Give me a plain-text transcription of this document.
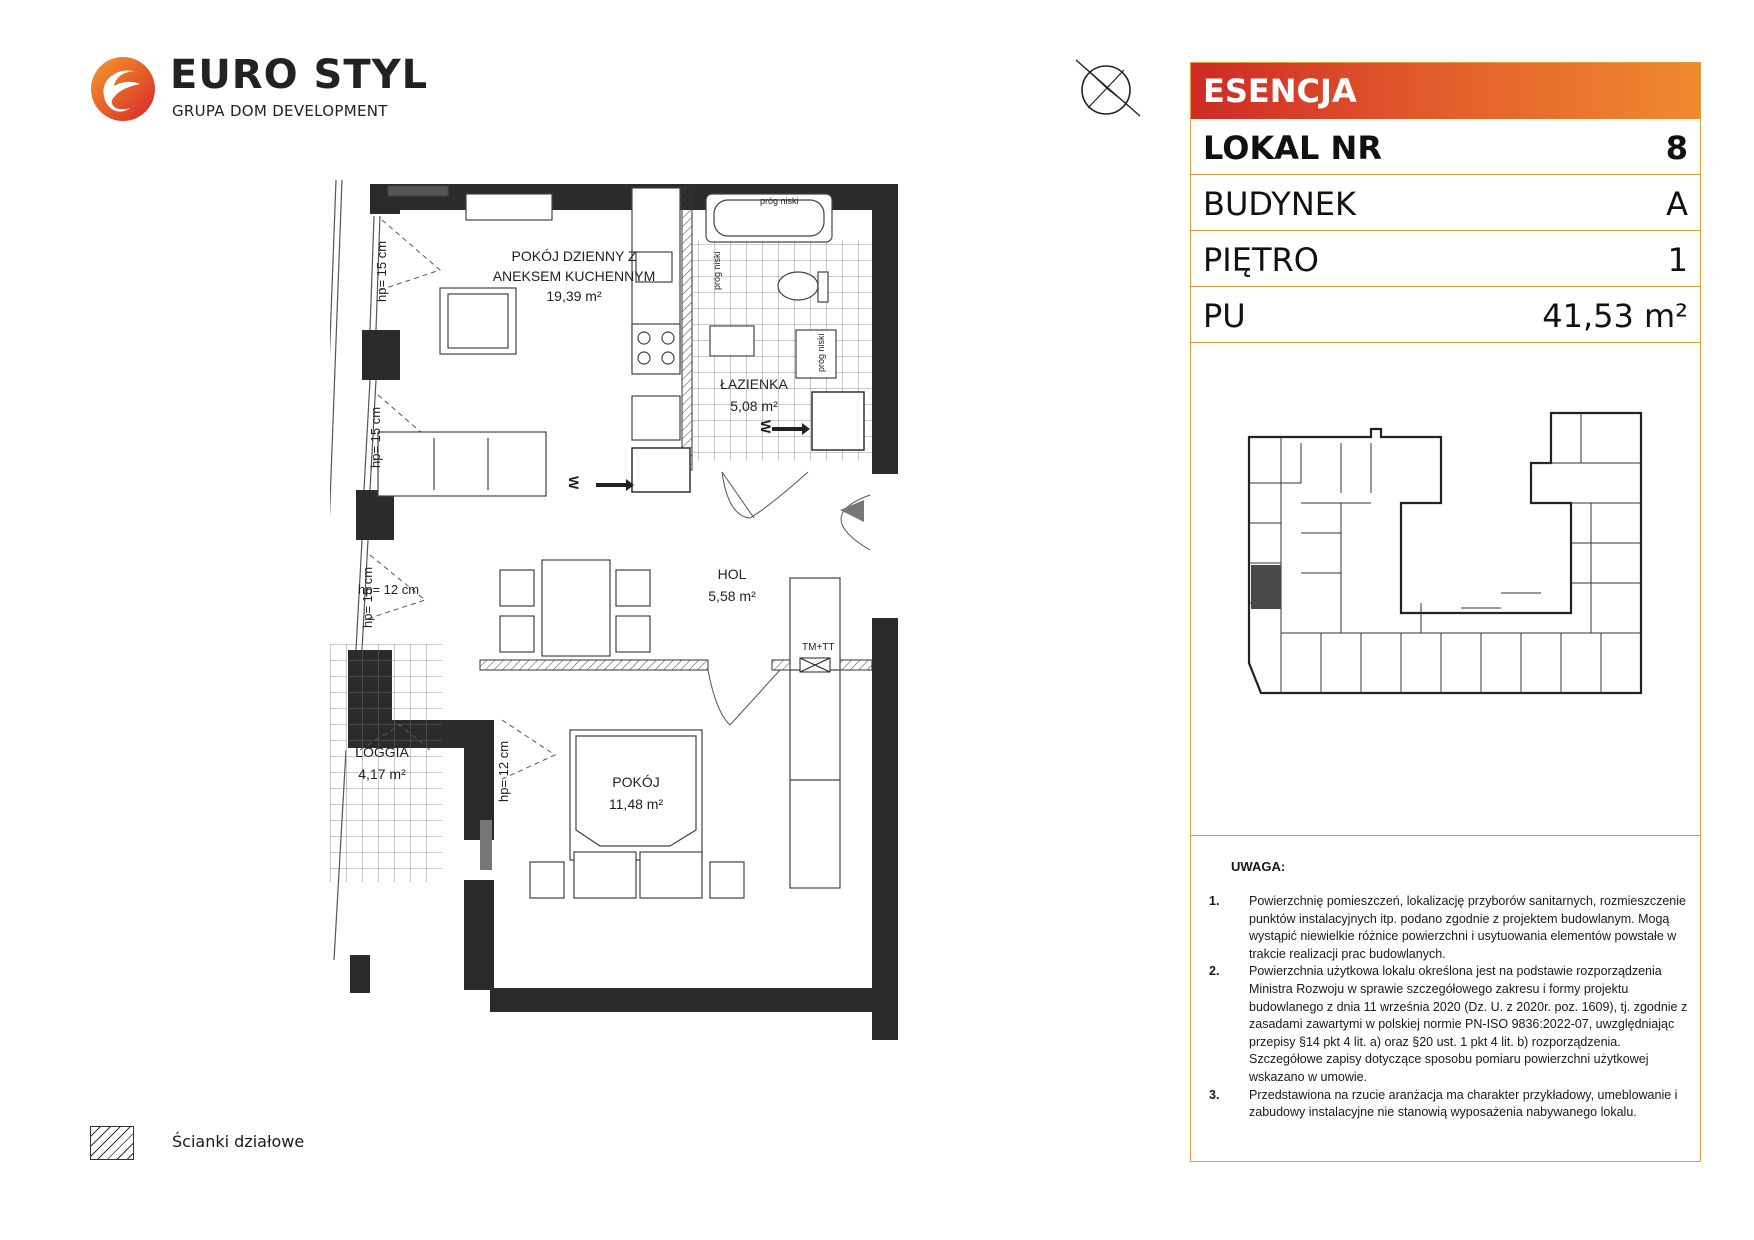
EURO STYL
GRUPA DOM DEVELOPMENT
POKÓJ DZIENNY Z
ANEKSEM KUCHENNYM
19,39 m²
ŁAZIENKA
5,08 m²
HOL
5,58 m²
LOGGIA
4,17 m²	POKÓJ
11,48 m²
hp= 15 cm
hp= 15 cm
hp= 15 cm
hp= 12 cm
hp= 12 cm
próg niski
próg niski
próg niski
TM+TT
W
W
ESENCJA
LOKAL NR	8
BUDYNEK	A
PIĘTRO	1
PU	41,53 m²
UWAGA:
1. Powierzchnię pomieszczeń, lokalizację przyborów sanitarnych, rozmieszczenie punktów instalacyjnych itp. podano zgodnie z projektem budowlanym. Mogą wystąpić niewielkie różnice powierzchni i usytuowania elementów powstałe w trakcie realizacji prac budowlanych.
2. Powierzchnia użytkowa lokalu określona jest na podstawie rozporządzenia Ministra Rozwoju w sprawie szczegółowego zakresu i formy projektu budowlanego z dnia 11 września 2020 (Dz. U. z 2020r. poz. 1609), tj. zgodnie z zasadami zawartymi w polskiej normie PN-ISO 9836:2022-07, uwzględniając przepisy §14 pkt 4 lit. a) oraz §20 ust. 1 pkt 4 lit. b) rozporządzenia. Szczegółowe zapisy dotyczące sposobu pomiaru powierzchni użytkowej wskazano w umowie.
3. Przedstawiona na rzucie aranżacja ma charakter przykładowy, umeblowanie i zabudowy instalacyjne nie stanowią wyposażenia nabywanego lokalu.
Ścianki działowe
